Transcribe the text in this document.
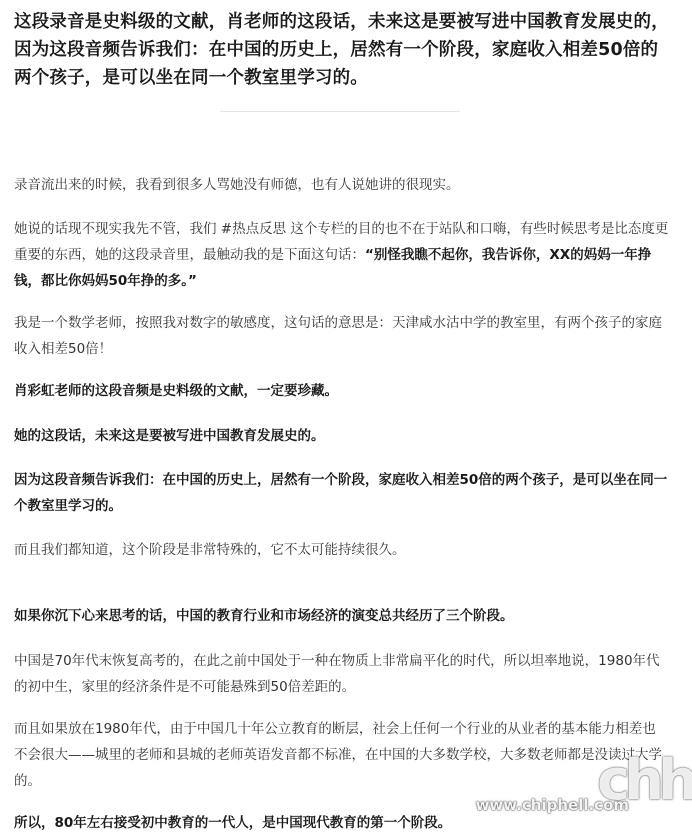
这段录音是史料级的文献，肖老师的这段话，未来这是要被写进中国教育发展史的，因为这段音频告诉我们：在中国的历史上，居然有一个阶段，家庭收入相差50倍的两个孩子，是可以坐在同一个教室里学习的。

录音流出来的时候，我看到很多人骂她没有师德，也有人说她讲的很现实。

她说的话现不现实我先不管，我们 #热点反思 这个专栏的目的也不在于站队和口嗨，有些时候思考是比态度更重要的东西，她的这段录音里，最触动我的是下面这句话：“别怪我瞧不起你，我告诉你，XX的妈妈一年挣钱，都比你妈妈50年挣的多。”

我是一个数学老师，按照我对数字的敏感度，这句话的意思是：天津咸水沽中学的教室里，有两个孩子的家庭收入相差50倍！

肖彩虹老师的这段音频是史料级的文献，一定要珍藏。

她的这段话，未来这是要被写进中国教育发展史的。

因为这段音频告诉我们：在中国的历史上，居然有一个阶段，家庭收入相差50倍的两个孩子，是可以坐在同一个教室里学习的。

而且我们都知道，这个阶段是非常特殊的，它不太可能持续很久。

如果你沉下心来思考的话，中国的教育行业和市场经济的演变总共经历了三个阶段。

中国是70年代末恢复高考的，在此之前中国处于一种在物质上非常扁平化的时代，所以坦率地说，1980年代的初中生，家里的经济条件是不可能悬殊到50倍差距的。

而且如果放在1980年代，由于中国几十年公立教育的断层，社会上任何一个行业的从业者的基本能力相差也不会很大——城里的老师和县城的老师英语发音都不标准，在中国的大多数学校，大多数老师都是没读过大学的。

所以，80年左右接受初中教育的一代人，是中国现代教育的第一个阶段。

chh
www.chiphell.com
